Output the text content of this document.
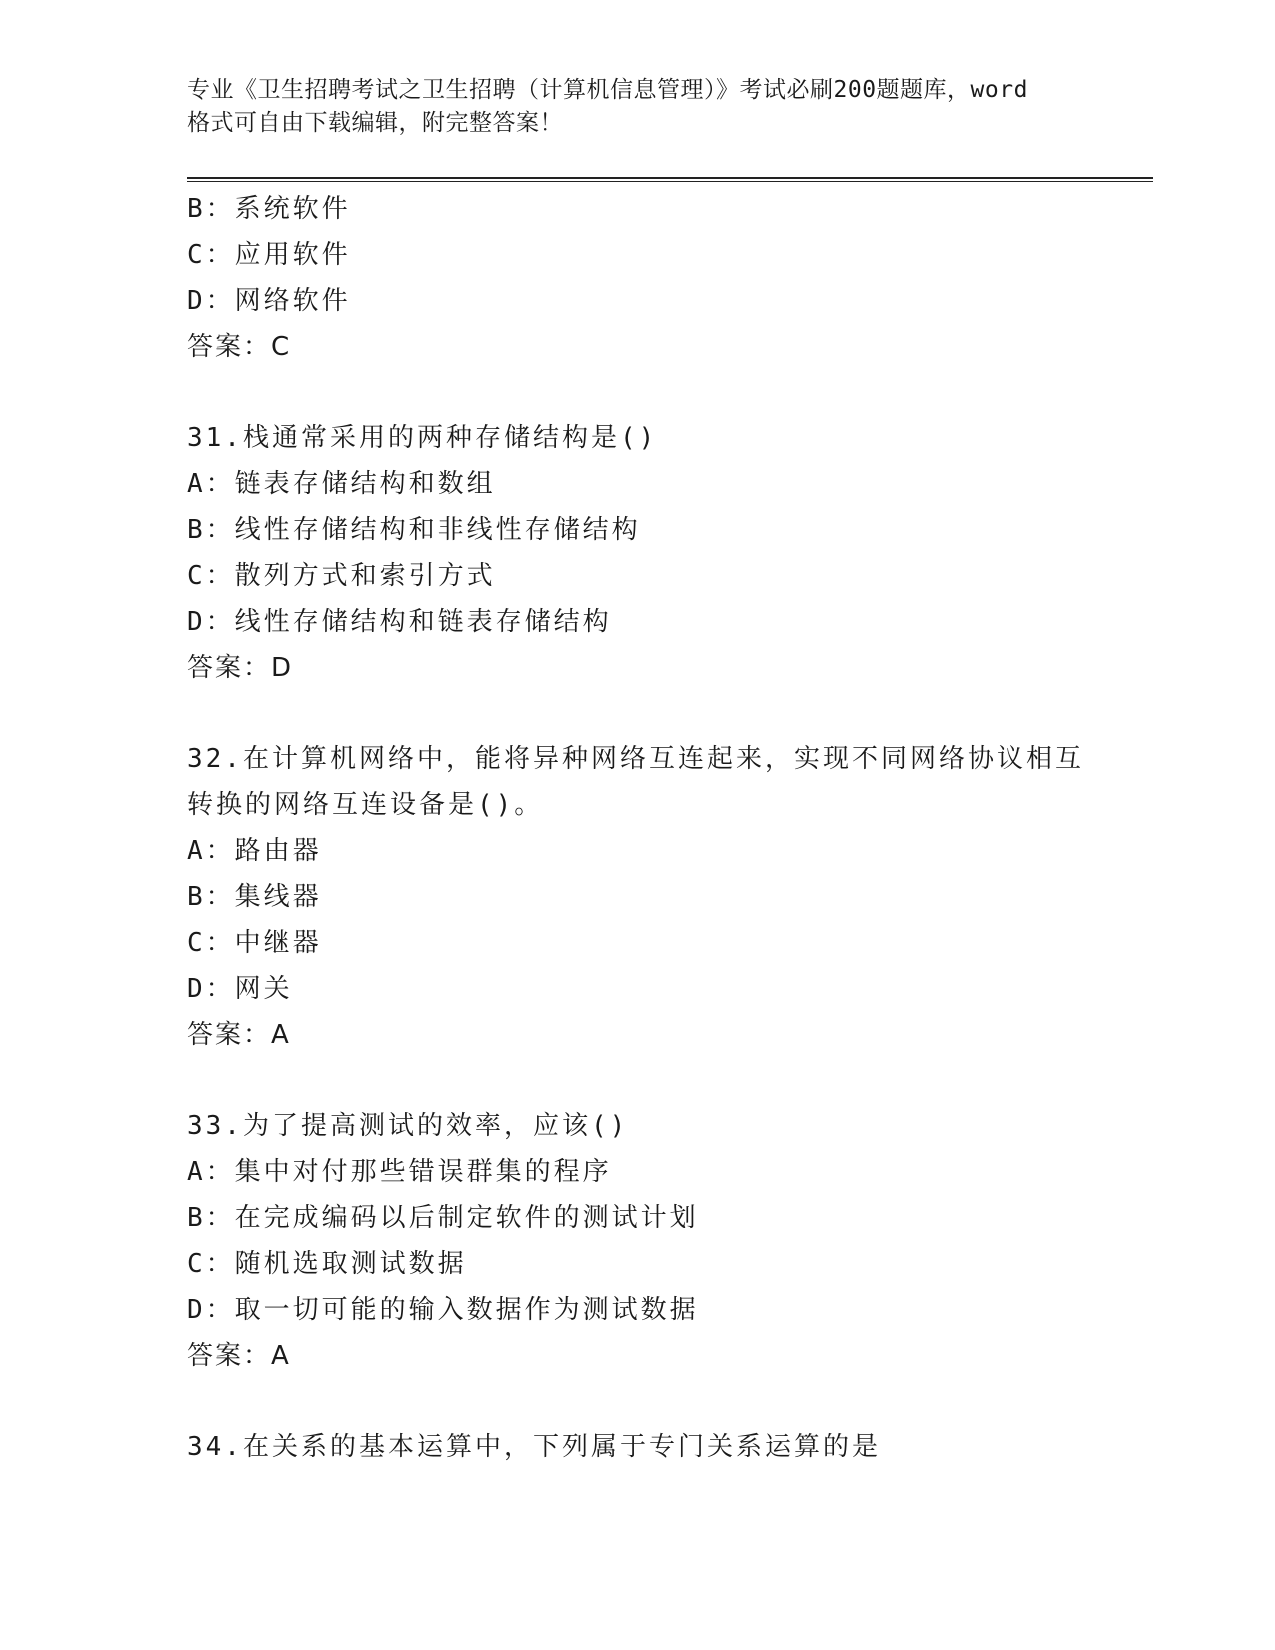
专业《卫生招聘考试之卫生招聘（计算机信息管理）》考试必刷200题题库，word
格式可自由下载编辑，附完整答案！
B：系统软件
C：应用软件
D：网络软件
答案：C
31.栈通常采用的两种存储结构是()
A：链表存储结构和数组
B：线性存储结构和非线性存储结构
C：散列方式和索引方式
D：线性存储结构和链表存储结构
答案：D
32.在计算机网络中，能将异种网络互连起来，实现不同网络协议相互
转换的网络互连设备是()。
A：路由器
B：集线器
C：中继器
D：网关
答案：A
33.为了提高测试的效率，应该()
A：集中对付那些错误群集的程序
B：在完成编码以后制定软件的测试计划
C：随机选取测试数据
D：取一切可能的输入数据作为测试数据
答案：A
34.在关系的基本运算中，下列属于专门关系运算的是
